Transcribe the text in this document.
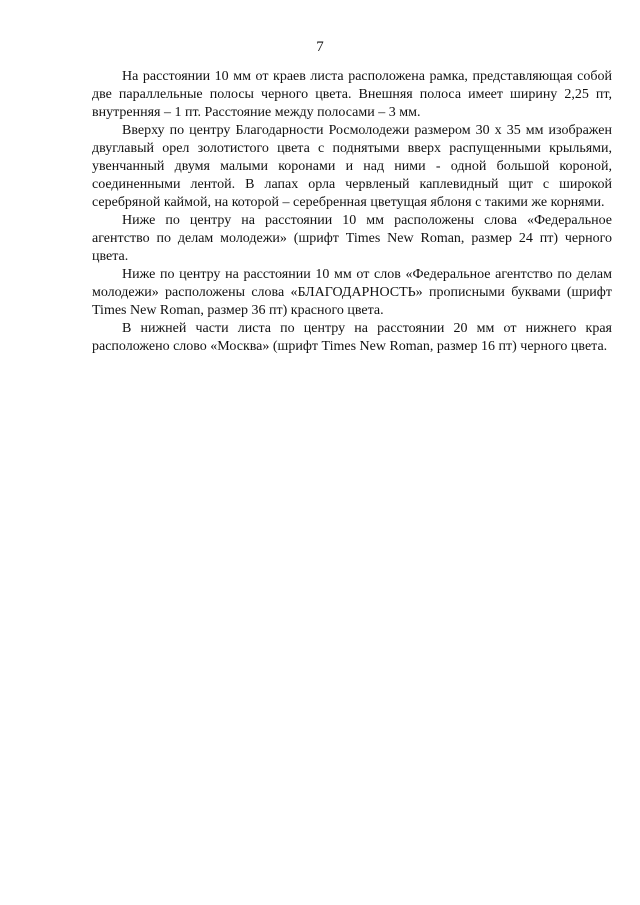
7

На расстоянии 10 мм от краев листа расположена рамка, представляющая собой две параллельные полосы черного цвета. Внешняя полоса имеет ширину 2,25 пт, внутренняя – 1 пт. Расстояние между полосами – 3 мм.

Вверху по центру Благодарности Росмолодежи размером 30 х 35 мм изображен двуглавый орел золотистого цвета с поднятыми вверх распущенными крыльями, увенчанный двумя малыми коронами и над ними - одной большой короной, соединенными лентой. В лапах орла червленый каплевидный щит с широкой серебряной каймой, на которой – серебренная цветущая яблоня с такими же корнями.

Ниже по центру на расстоянии 10 мм расположены слова «Федеральное агентство по делам молодежи» (шрифт Times New Roman, размер 24 пт) черного цвета.

Ниже по центру на расстоянии 10 мм от слов «Федеральное агентство по делам молодежи» расположены слова «БЛАГОДАРНОСТЬ» прописными буквами (шрифт Times New Roman, размер 36 пт) красного цвета.

В нижней части листа по центру на расстоянии 20 мм от нижнего края расположено слово «Москва» (шрифт Times New Roman, размер 16 пт) черного цвета.
